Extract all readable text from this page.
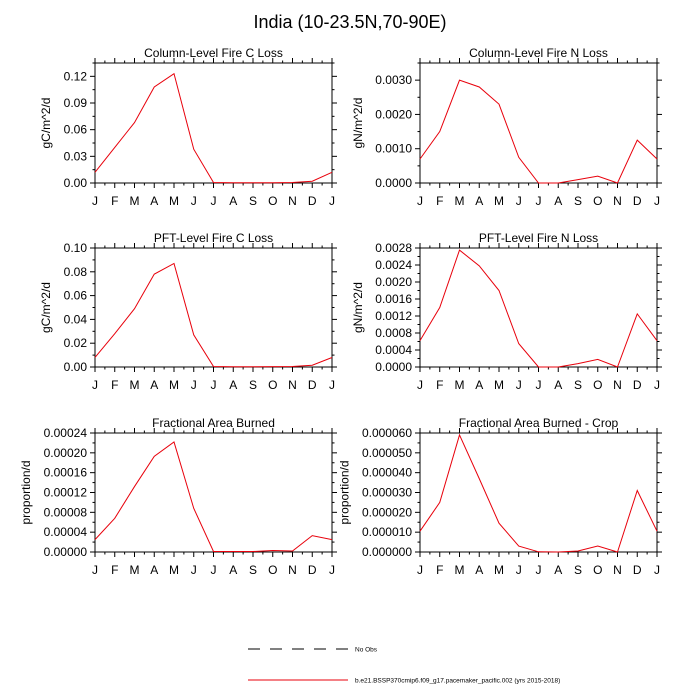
India (10-23.5N,70-90E)
Column-Level Fire C Loss
J F M A M J J A S O N D J
0.00
0.03
0.06
0.09
0.12
gC/m^2/d
Column-Level Fire N Loss
J F M A M J J A S O N D J
0.0000
0.0010
0.0020
0.0030
gN/m^2/d
PFT-Level Fire C Loss
J F M A M J J A S O N D J
0.00
0.02
0.04
0.06
0.08
0.10
gC/m^2/d
PFT-Level Fire N Loss
J F M A M J J A S O N D J
0.0000
0.0004
0.0008
0.0012
0.0016
0.0020
0.0024
0.0028
gN/m^2/d
Fractional Area Burned
J F M A M J J A S O N D J
0.00000
0.00004
0.00008
0.00012
0.00016
0.00020
0.00024
proportion/d
Fractional Area Burned - Crop
J F M A M J J A S O N D J
0.000000
0.000010
0.000020
0.000030
0.000040
0.000050
0.000060
proportion/d
No Obs
b.e21.BSSP370cmip6.f09_g17.pacemaker_pacific.002 (yrs 2015-2018)
